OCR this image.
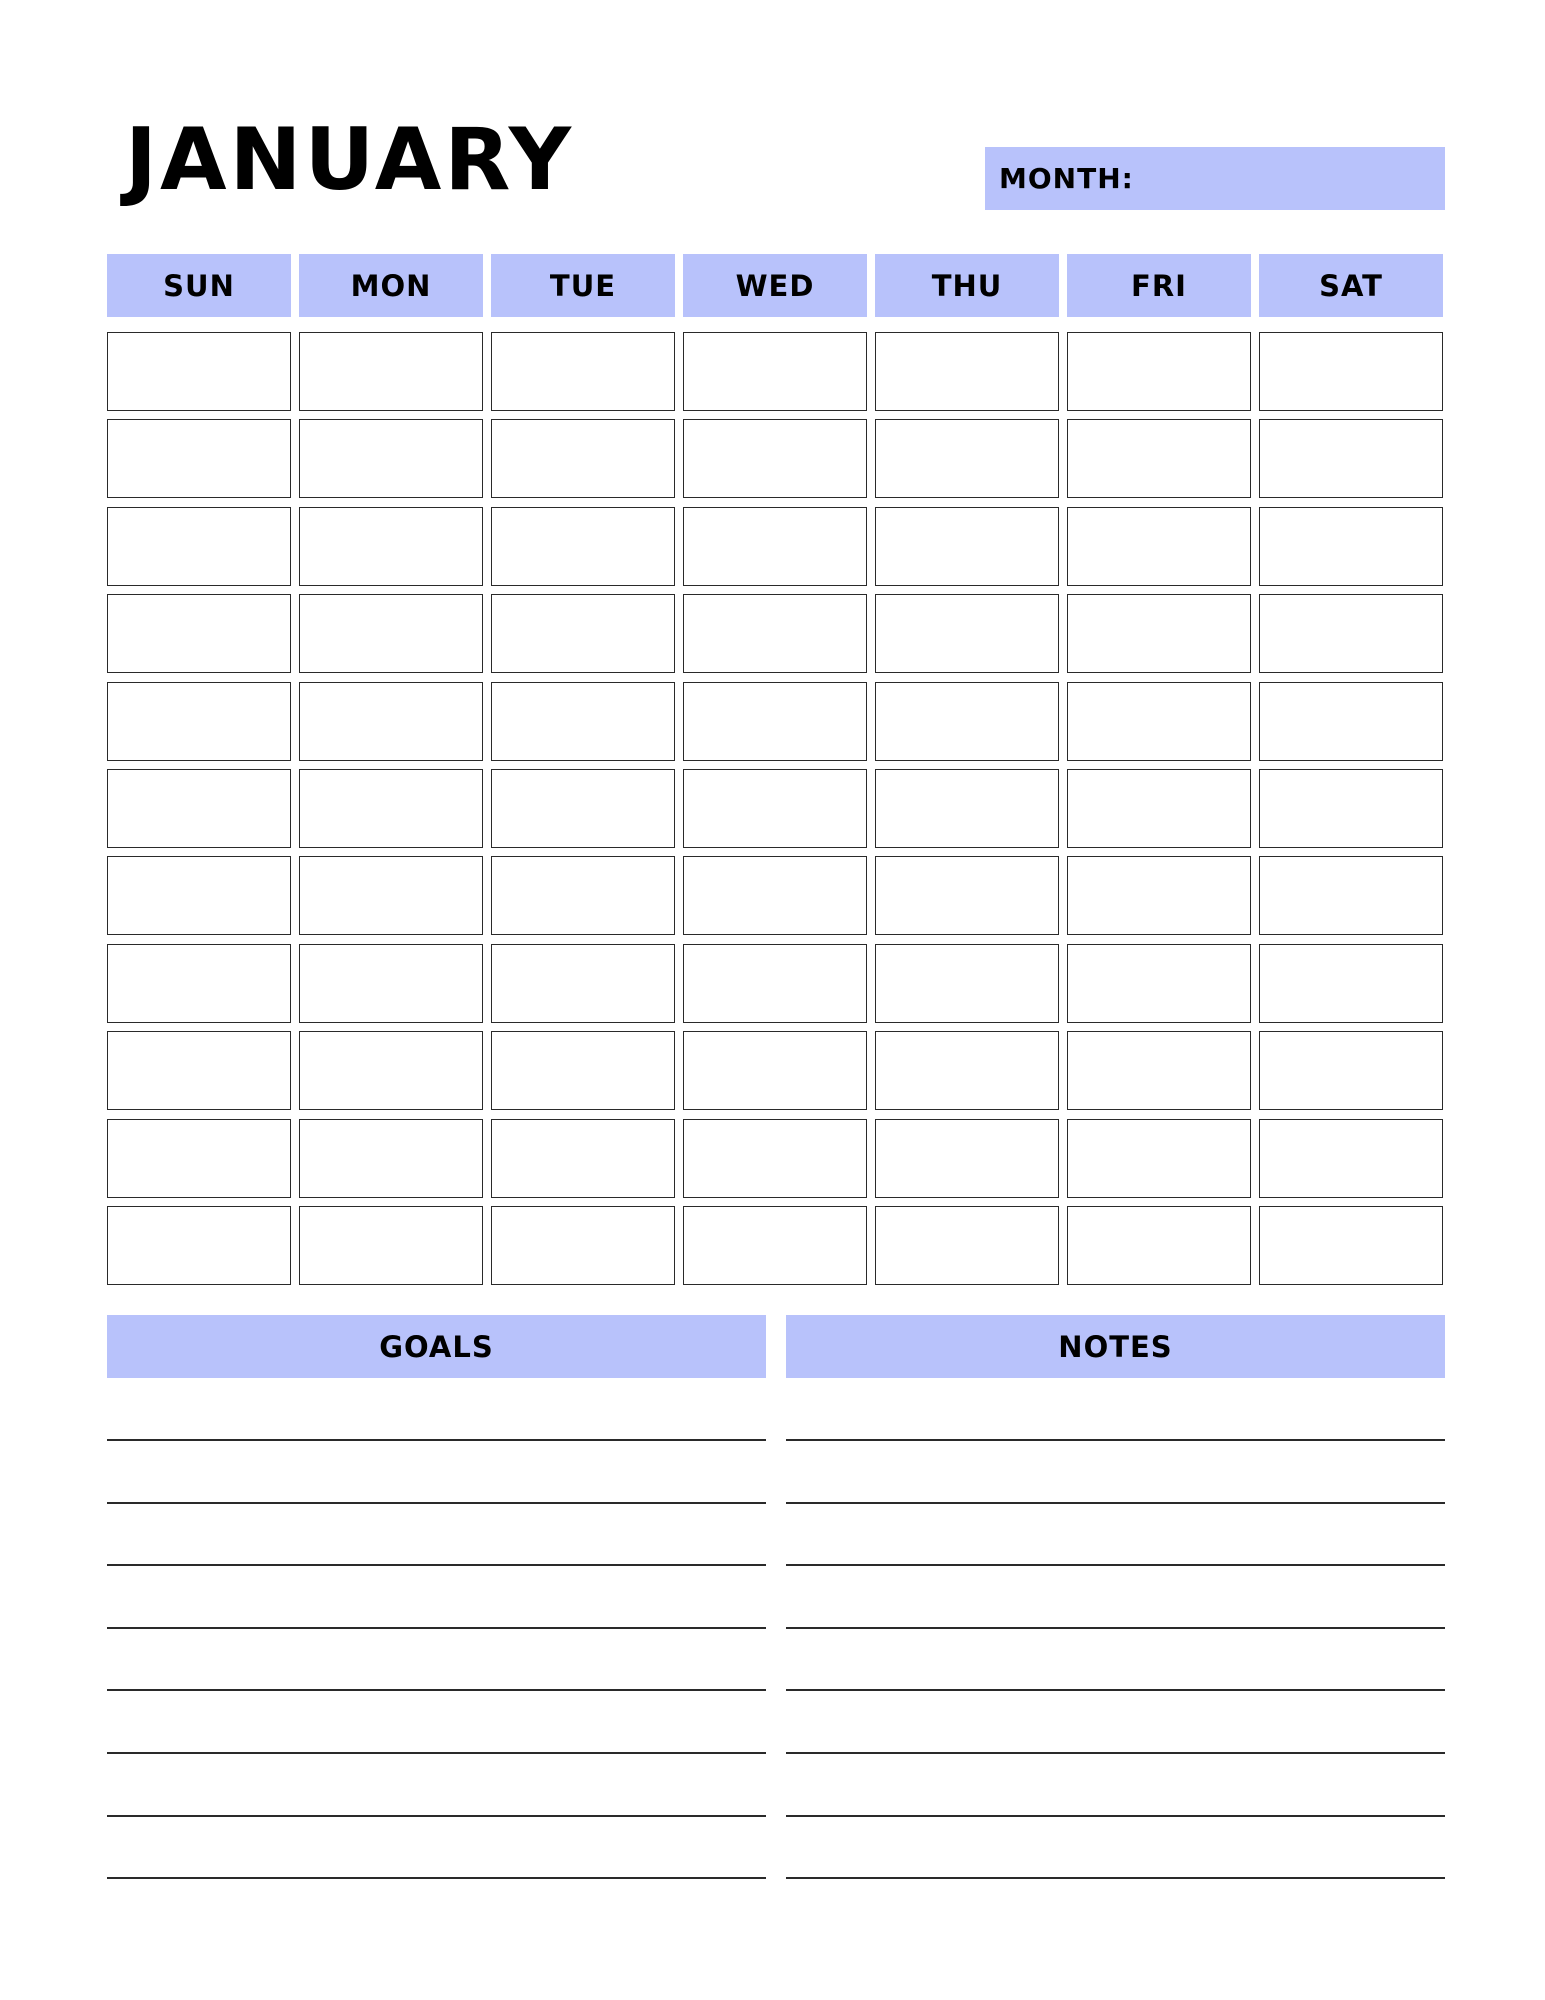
JANUARY	MONTH:
SUN	MON	TUE	WED	THU	FRI	SAT
GOALS	NOTES
